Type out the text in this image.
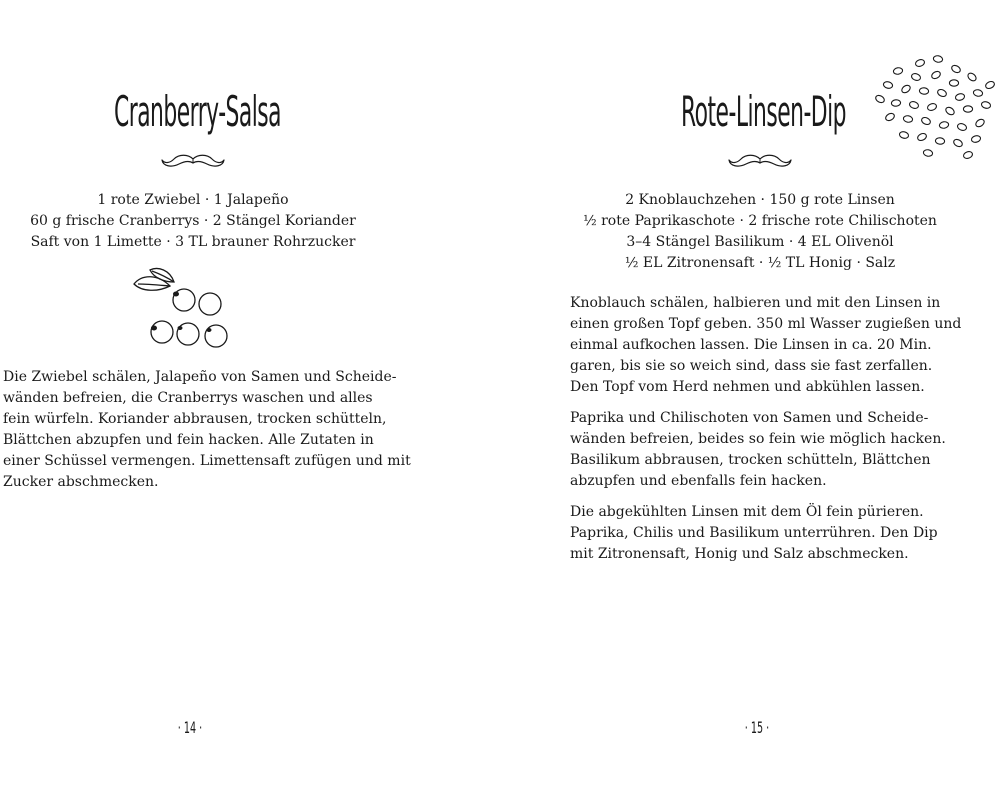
Cranberry-Salsa
1 rote Zwiebel · 1 Jalapeño
60 g frische Cranberrys · 2 Stängel Koriander
Saft von 1 Limette · 3 TL brauner Rohrzucker

Die Zwiebel schälen, Jalapeño von Samen und Scheide-
wänden befreien, die Cranberrys waschen und alles
fein würfeln. Koriander abbrausen, trocken schütteln,
Blättchen abzupfen und fein hacken. Alle Zutaten in
einer Schüssel vermengen. Limettensaft zufügen und mit
Zucker abschmecken.

· 14 ·
Rote-Linsen-Dip
2 Knoblauchzehen · 150 g rote Linsen
½ rote Paprikaschote · 2 frische rote Chilischoten
3–4 Stängel Basilikum · 4 EL Olivenöl
½ EL Zitronensaft · ½ TL Honig · Salz

Knoblauch schälen, halbieren und mit den Linsen in
einen großen Topf geben. 350 ml Wasser zugießen und
einmal aufkochen lassen. Die Linsen in ca. 20 Min.
garen, bis sie so weich sind, dass sie fast zerfallen.
Den Topf vom Herd nehmen und abkühlen lassen.

Paprika und Chilischoten von Samen und Scheide-
wänden befreien, beides so fein wie möglich hacken.
Basilikum abbrausen, trocken schütteln, Blättchen
abzupfen und ebenfalls fein hacken.

Die abgekühlten Linsen mit dem Öl fein pürieren.
Paprika, Chilis und Basilikum unterrühren. Den Dip
mit Zitronensaft, Honig und Salz abschmecken.

· 15 ·
